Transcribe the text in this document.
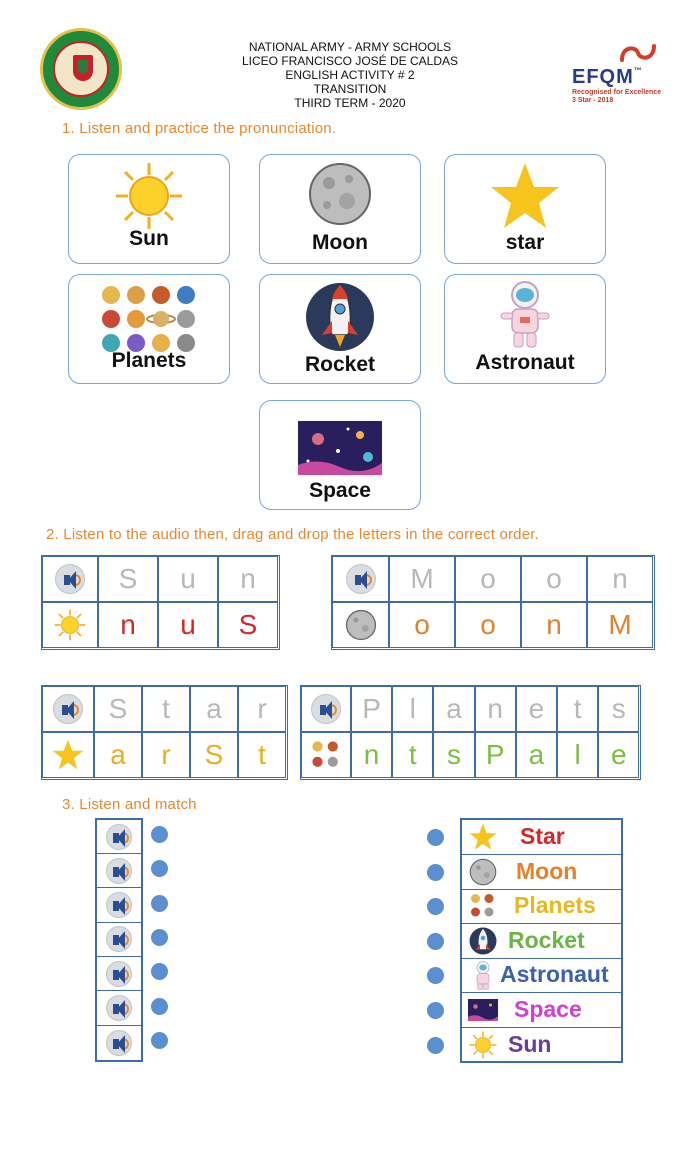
NATIONAL ARMY - ARMY SCHOOLS
LICEO FRANCISCO JOSÉ DE CALDAS
ENGLISH ACTIVITY # 2
TRANSITION
THIRD TERM - 2020
EFQM™
Recognised for Excellence
3 Star - 2018
1. Listen and practice the pronunciation.
Sun	Moon	star
Planets	Rocket	Astronaut
Space
2. Listen to the audio then, drag and drop the letters in the correct order.
S	u	n
n	u	S
M	o	o	n
o	o	n	M
S	t	a	r
a	r	S	t
P	l	a n e	t	s
n	t	s P a	l	e
3. Listen and match
Star
Moon
Planets
Rocket
Astronaut
Space
Sun
